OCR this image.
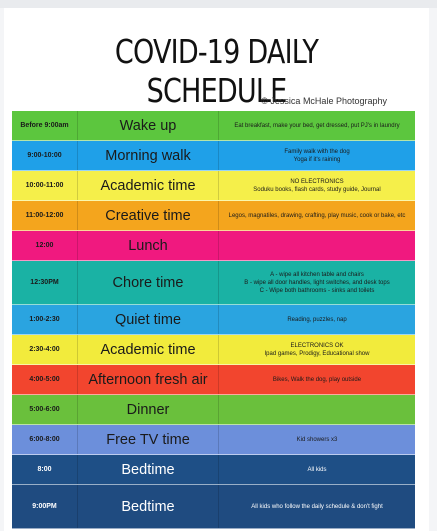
COVID-19 DAILY SCHEDULE
© Jessica McHale Photography
Before 9:00am	Wake up	Eat breakfast, make your bed, get dressed, put PJ's in laundry
9:00-10:00	Morning walk	Family walk with the dog
Yoga if it's raining
10:00-11:00	Academic time	NO ELECTRONICS
Soduku books, flash cards, study guide, Journal
11:00-12:00	Creative time	Legos, magnatiles, drawing, crafting, play music, cook or bake, etc
12:00	Lunch
12:30PM	Chore time	A - wipe all kitchen table and chairs
B - wipe all door handles, light switches, and desk tops
C - Wipe both bathrooms - sinks and toilets
1:00-2:30	Quiet time	Reading, puzzles, nap
2:30-4:00	Academic time	ELECTRONICS OK
Ipad games, Prodigy, Educational show
4:00-5:00	Afternoon fresh air	Bikes, Walk the dog, play outside
5:00-6:00	Dinner
6:00-8:00	Free TV time	Kid showers x3
8:00	Bedtime	All kids
9:00PM	Bedtime	All kids who follow the daily schedule & don't fight
